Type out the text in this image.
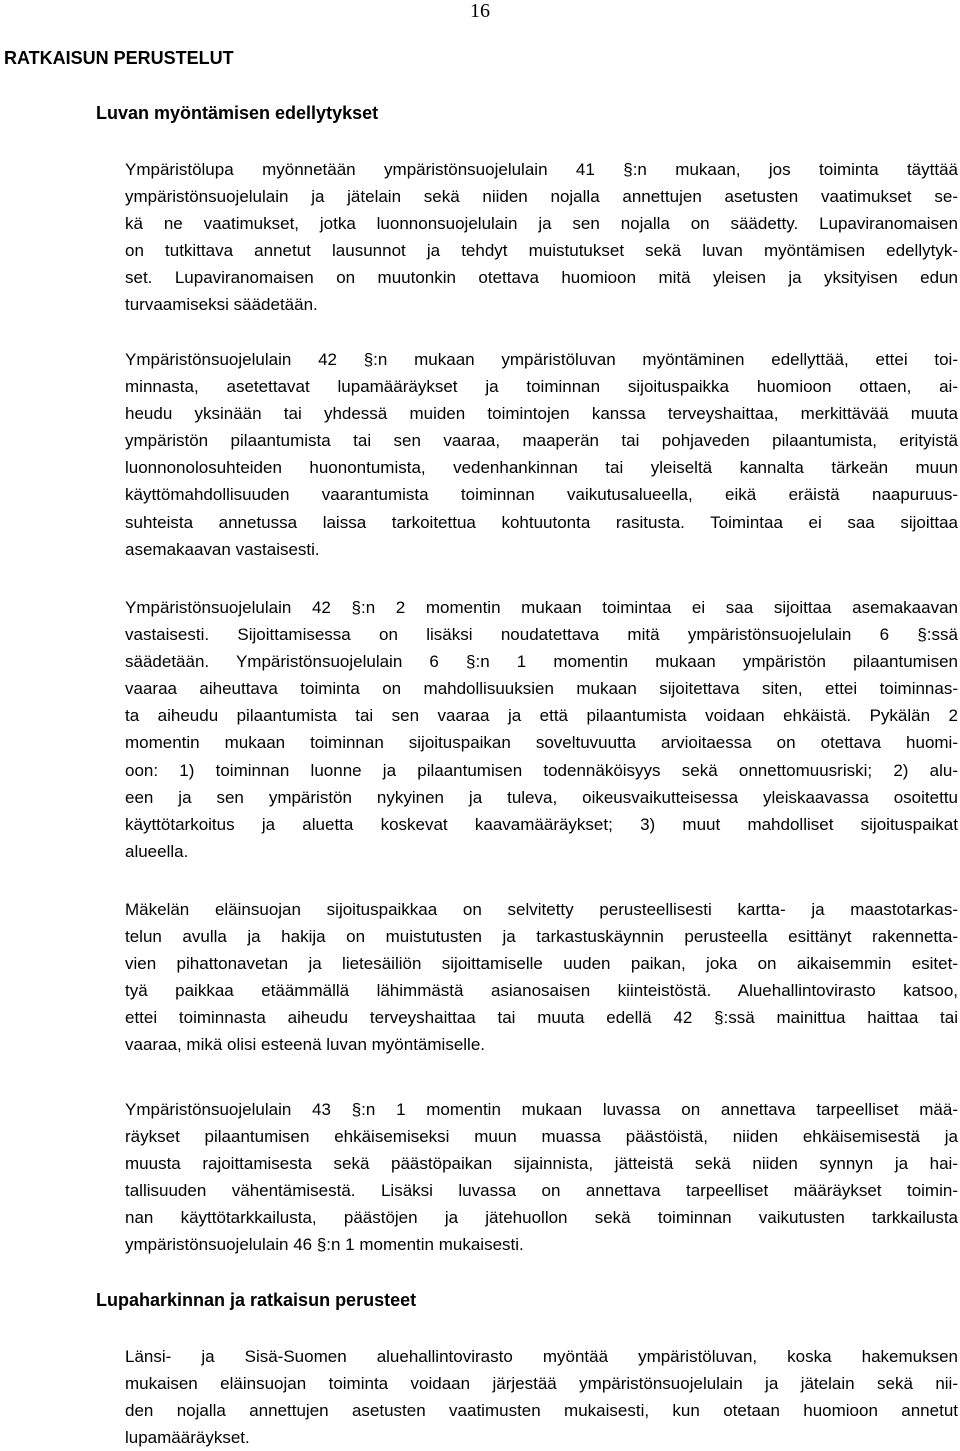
16
RATKAISUN PERUSTELUT
Luvan myöntämisen edellytykset

Ympäristölupa myönnetään ympäristönsuojelulain 41 §:n mukaan, jos toiminta täyttää
ympäristönsuojelulain ja jätelain sekä niiden nojalla annettujen asetusten vaatimukset se-
kä ne vaatimukset, jotka luonnonsuojelulain ja sen nojalla on säädetty. Lupaviranomaisen
on tutkittava annetut lausunnot ja tehdyt muistutukset sekä luvan myöntämisen edellytyk-
set. Lupaviranomaisen on muutonkin otettava huomioon mitä yleisen ja yksityisen edun
turvaamiseksi säädetään.

Ympäristönsuojelulain 42 §:n mukaan ympäristöluvan myöntäminen edellyttää, ettei toi-
minnasta, asetettavat lupamääräykset ja toiminnan sijoituspaikka huomioon ottaen, ai-
heudu yksinään tai yhdessä muiden toimintojen kanssa terveyshaittaa, merkittävää muuta
ympäristön pilaantumista tai sen vaaraa, maaperän tai pohjaveden pilaantumista, erityistä
luonnonolosuhteiden huonontumista, vedenhankinnan tai yleiseltä kannalta tärkeän muun
käyttömahdollisuuden vaarantumista toiminnan vaikutusalueella, eikä eräistä naapuruus-
suhteista annetussa laissa tarkoitettua kohtuutonta rasitusta. Toimintaa ei saa sijoittaa
asemakaavan vastaisesti.

Ympäristönsuojelulain 42 §:n 2 momentin mukaan toimintaa ei saa sijoittaa asemakaavan
vastaisesti. Sijoittamisessa on lisäksi noudatettava mitä ympäristönsuojelulain 6 §:ssä
säädetään. Ympäristönsuojelulain 6 §:n 1 momentin mukaan ympäristön pilaantumisen
vaaraa aiheuttava toiminta on mahdollisuuksien mukaan sijoitettava siten, ettei toiminnas-
ta aiheudu pilaantumista tai sen vaaraa ja että pilaantumista voidaan ehkäistä. Pykälän 2
momentin mukaan toiminnan sijoituspaikan soveltuvuutta arvioitaessa on otettava huomi-
oon: 1) toiminnan luonne ja pilaantumisen todennäköisyys sekä onnettomuusriski; 2) alu-
een ja sen ympäristön nykyinen ja tuleva, oikeusvaikutteisessa yleiskaavassa osoitettu
käyttötarkoitus ja aluetta koskevat kaavamääräykset; 3) muut mahdolliset sijoituspaikat
alueella.

Mäkelän eläinsuojan sijoituspaikkaa on selvitetty perusteellisesti kartta- ja maastotarkas-
telun avulla ja hakija on muistutusten ja tarkastuskäynnin perusteella esittänyt rakennetta-
vien pihattonavetan ja lietesäiliön sijoittamiselle uuden paikan, joka on aikaisemmin esitet-
tyä paikkaa etäämmällä lähimmästä asianosaisen kiinteistöstä. Aluehallintovirasto katsoo,
ettei toiminnasta aiheudu terveyshaittaa tai muuta edellä 42 §:ssä mainittua haittaa tai
vaaraa, mikä olisi esteenä luvan myöntämiselle.

Ympäristönsuojelulain 43 §:n 1 momentin mukaan luvassa on annettava tarpeelliset mää-
räykset pilaantumisen ehkäisemiseksi muun muassa päästöistä, niiden ehkäisemisestä ja
muusta rajoittamisesta sekä päästöpaikan sijainnista, jätteistä sekä niiden synnyn ja hai-
tallisuuden vähentämisestä. Lisäksi luvassa on annettava tarpeelliset määräykset toimin-
nan käyttötarkkailusta, päästöjen ja jätehuollon sekä toiminnan vaikutusten tarkkailusta
ympäristönsuojelulain 46 §:n 1 momentin mukaisesti.

Lupaharkinnan ja ratkaisun perusteet

Länsi- ja Sisä-Suomen aluehallintovirasto myöntää ympäristöluvan, koska hakemuksen
mukaisen eläinsuojan toiminta voidaan järjestää ympäristönsuojelulain ja jätelain sekä nii-
den nojalla annettujen asetusten vaatimusten mukaisesti, kun otetaan huomioon annetut
lupamääräykset.
